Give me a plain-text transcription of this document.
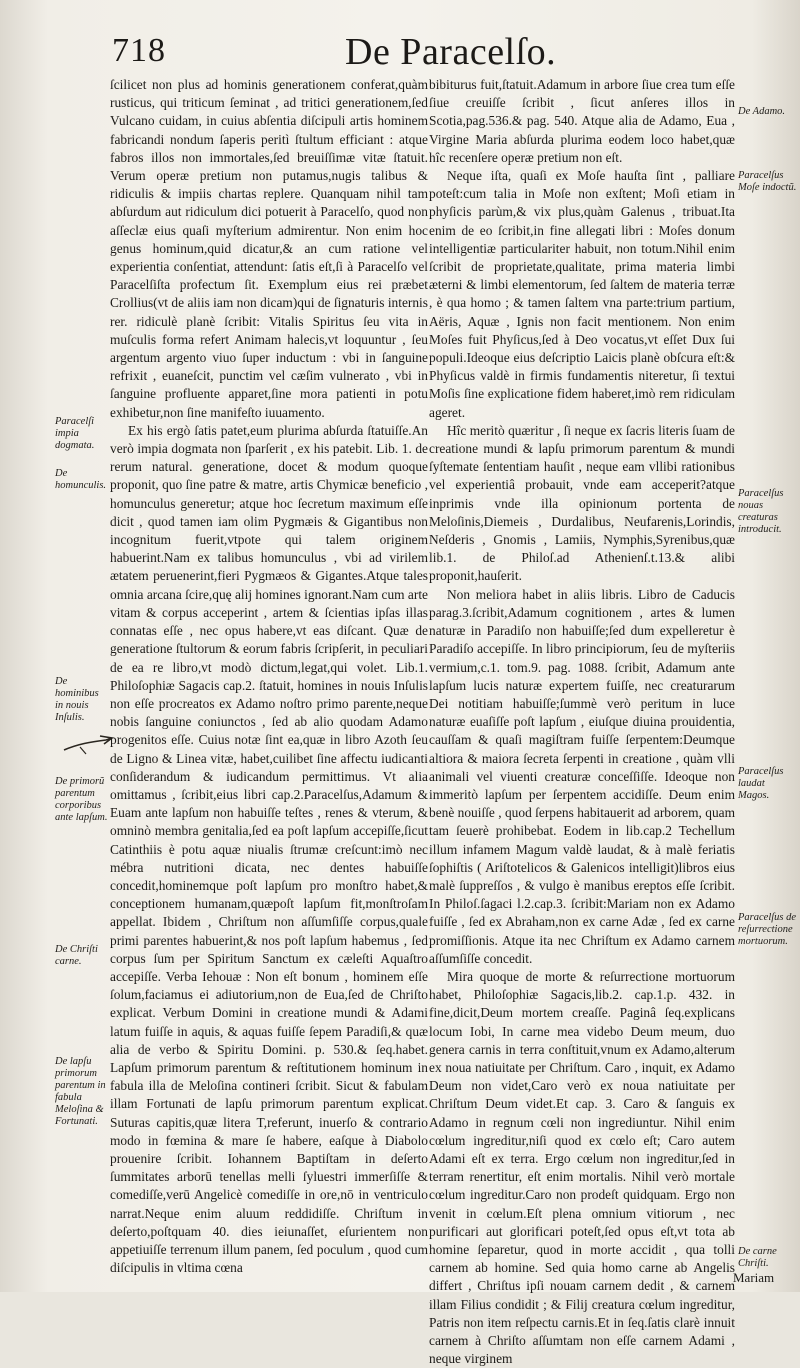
718	De Paracelſo.
Paracelſi impia dogmata.
De homunculis.
De hominibus in nouis Inſulis.
De primorũ parentum corporibus ante lapſum.
De Chriſti carne.
De lapſu primorum parentum in fabula Meloſina & Fortunati.
De Adamo.
Paracelſus Moſe indoctũ.
Paracelſus nouas creaturas introducit.
Paracelſus laudat Magos.
Paracelſus de reſurrectione mortuorum.
De carne Chriſti.

ſcilicet non plus ad hominis generationem conferat,quàm rusticus, qui triticum ſeminat , ad tritici generationem,ſed Vulcano cuidam, in cuius abſentia diſcipuli artis hominem fabricandi nondum ſaperis peritì ſtultum efficiant : atque fabros illos non immortales,ſed breuiſſimæ vitæ ſtatuit. Verum operæ pretium non putamus,nugis talibus & ridiculis & impiis chartas replere. Quanquam nihil tam abſurdum aut ridiculum dici potuerit à Paracelſo, quod non aſſeclæ eius quaſi myſterium admirentur. Non enim hoc genus hominum,quid dicatur,& an cum ratione vel experientia conſentiat, attendunt: ſatis eſt,ſi à Paracelſo vel Paracelſiſta profectum ſit. Exemplum eius rei præbet Crollius(vt de aliis iam non dicam)qui de ſignaturis internis rer. ridiculè planè ſcribit: Vitalis Spiritus ſeu vita in muſculis forma refert Animam halecis,vt loquuntur , ſeu argentum argento viuo ſuper inductum : vbi in ſanguine refrixit , euaneſcit, punctim vel cæſim vulnerato , vbi in ſanguine profluente apparet,ſine mora patienti in potu exhibetur,non ſine manifeſto iuuamento.

Ex his ergò ſatis patet,eum plurima abſurda ſtatuiſſe.An verò impia dogmata non ſparſerit , ex his patebit. Lib. 1. de rerum natural. generatione, docet & modum quoque proponit, quo ſine patre & matre, artis Chymicæ beneficio , homunculus generetur; atque hoc ſecretum maximum eſſe dicit , quod tamen iam olim Pygmæis & Gigantibus non incognitum fuerit,vtpote qui talem originem habuerint.Nam ex talibus homunculus , vbi ad virilem ætatem peruenerint,fieri Pygmæos & Gigantes.Atque tales omnia arcana ſcire,quę alij homines ignorant.Nam cum arte vitam & corpus acceperint , artem & ſcientias ipſas illas connatas eſſe , nec opus habere,vt eas diſcant. Quæ de generatione ſtultorum & eorum fabris ſcripſerit, in peculiari de ea re libro,vt modò dictum,legat,qui volet. Lib.1. Philoſophiæ Sagacis cap.2. ſtatuit, homines in nouis Inſulis non eſſe procreatos ex Adamo noſtro primo parente,neque nobis ſanguine coniunctos , ſed ab alio quodam Adamo progenitos eſſe. Cuius notæ ſint ea,quæ in libro Azoth ſeu de Ligno & Linea vitæ, habet,cuilibet ſine affectu iudicanti conſiderandum & iudicandum permittimus. Vt alia omittamus , ſcribit,eius libri cap.2.Paracelſus,Adamum & Euam ante lapſum non habuiſſe teſtes , renes & vterum, & omninò membra genitalia,ſed ea poſt lapſum accepiſſe,ſicut Catinthiis è potu aquæ niualis ſtrumæ creſcunt:imò nec mébra nutritioni dicata, nec dentes habuiſſe concedit,hominemque poſt lapſum pro monſtro habet,& conceptionem humanam,quæpoſt lapſum fit,monſtroſam appellat. Ibidem , Chriſtum non aſſumſiſſe corpus,quale primi parentes habuerint,& nos poſt lapſum habemus , ſed corpus ſum per Spiritum Sanctum ex cæleſti Aquaſtro accepiſſe. Verba Iehouæ : Non eſt bonum , hominem eſſe ſolum,faciamus ei adiutorium,non de Eua,ſed de Chriſto explicat. Verbum Domini in creatione mundi & Adami latum fuiſſe in aquis, & aquas fuiſſe ſepem Paradiſi,& quæ alia de verbo & Spiritu Domini. p. 530.& ſeq.habet. Lapſum primorum parentum & reſtitutionem hominum in fabula illa de Meloſina contineri ſcribit. Sicut & fabulam illam Fortunati de lapſu primorum parentum explicat. Suturas capitis,quæ litera T,referunt, inuerſo & contrario modo in fœmina & mare ſe habere, eaſque à Diabolo prouenire ſcribit. Iohannem Baptiſtam in deſerto ſummitates arborū tenellas melli ſyluestri immerſiſſe & comediſſe,verū Angelicè comediſſe in ore,nō in ventriculo narrat.Neque enim aluum reddidiſſe. Chriſtum in deſerto,poſtquam 40. dies ieiunaſſet, eſurientem non appetiuiſſe terrenum illum panem, ſed poculum , quod cum diſcipulis in vltima cœna

bibiturus fuit,ſtatuit.Adamum in arbore ſiue crea tum eſſe ſiue creuiſſe ſcribit , ſicut anſeres illos in Scotia,pag.536.& pag. 540. Atque alia de Adamo, Eua , Virgine Maria abſurda plurima eodem loco habet,quæ hîc recenſere operæ pretium non eſt.

Neque iſta, quaſi ex Moſe hauſta ſint , palliare poteſt:cum talia in Moſe non exſtent; Moſi etiam in phyſicis parùm,& vix plus,quàm Galenus , tribuat.Ita enim de eo ſcribit,in fine allegati libri : Moſes donum intelligentiæ particulariter habuit, non totum.Nihil enim ſcribit de proprietate,qualitate, prima materia limbi æterni & limbi elementorum, ſed ſaltem de materia terræ , è qua homo ; & tamen ſaltem vna parte:trium partium, Aëris, Aquæ , Ignis non facit mentionem. Non enim Moſes fuit Phyſicus,ſed à Deo vocatus,vt eſſet Dux ſui populi.Ideoque eius deſcriptio Laicis planè obſcura eſt:& Phyſicus valdè in firmis fundamentis niteretur, ſi textui Moſis ſine explicatione fidem haberet,imò rem ridiculam ageret.

Hîc meritò quæritur , ſi neque ex ſacris literis ſuam de creatione mundi & lapſu primorum parentum & mundi ſyſtemate ſententiam hauſit , neque eam vllibi rationibus vel experientiâ probauit, vnde eam acceperit?atque inprimis vnde illa opinionum portenta de Meloſinis,Diemeis , Durdalibus, Neufarenis,Lorindis, Neſderis , Gnomis , Lamiis, Nymphis,Syrenibus,quæ lib.1. de Philoſ.ad Athenienſ.t.13.& alibi proponit,hauſerit.

Non meliora habet in aliis libris. Libro de Caducis parag.3.ſcribit,Adamum cognitionem , artes & lumen naturæ in Paradiſo non habuiſſe;ſed dum expelleretur è Paradiſo accepiſſe. In libro principiorum, ſeu de myſteriis vermium,c.1. tom.9. pag. 1088. ſcribit, Adamum ante lapſum lucis naturæ expertem fuiſſe, nec creaturarum Dei notitiam habuiſſe;ſummè verò peritum in luce naturæ euaſiſſe poſt lapſum , eiuſque diuina prouidentia, cauſſam & quaſi magiſtram fuiſſe ſerpentem:Deumque altiora & maiora ſecreta ſerpenti in creatione , quàm vlli animali vel viuenti creaturæ conceſſiſſe. Ideoque non immeritò lapſum per ſerpentem accidiſſe. Deum enim benè nouiſſe , quod ſerpens habitauerit ad arborem, quam tam ſeuerè prohibebat. Eodem in lib.cap.2 Techellum illum infamem Magum valdè laudat, & à malè feriatis ſophiſtis ( Ariſtotelicos & Galenicos intelligit)libros eius malè ſuppreſſos , & vulgo è manibus ereptos eſſe ſcribit. In Philoſ.ſagaci l.2.cap.3. ſcribit:Mariam non ex Adamo fuiſſe , ſed ex Abraham,non ex carne Adæ , ſed ex carne promiſſionis. Atque ita nec Chriſtum ex Adamo carnem aſſumſiſſe concedit.

Mira quoque de morte & reſurrectione mortuorum habet, Philoſophiæ Sagacis,lib.2. cap.1.p. 432. in fine,dicit,Deum mortem creaſſe. Paginâ ſeq.explicans locum Iobi, In carne mea videbo Deum meum, duo genera carnis in terra conſtituit,vnum ex Adamo,alterum ex noua natiuitate per Chriſtum. Caro , inquit, ex Adamo Deum non videt,Caro verò ex noua natiuitate per Chriſtum Deum videt.Et cap. 3. Caro & ſanguis ex Adamo in regnum cœli non ingrediuntur. Nihil enim cœlum ingreditur,niſi quod ex cœlo eſt; Caro autem Adami eſt ex terra. Ergo cœlum non ingreditur,ſed in terram renertitur, eſt enim mortalis. Nihil verò mortale cœlum ingreditur.Caro non prodeſt quidquam. Ergo non venit in cœlum.Eſt plena omnium vitiorum , nec purificari aut glorificari poteſt,ſed opus eſt,vt tota ab homine ſeparetur, quod in morte accidit , qua tolli carnem ab homine. Sed quia homo carne ab Angelis differt , Chriſtus ipſi nouam carnem dedit , & carnem illam Filius condidit ; & Filij creatura cœlum ingreditur, Patris non item reſpectu carnis.Et in ſeq.ſatis clarè innuit carnem à Chriſto aſſumtam non eſſe carnem Adami , neque virginem

Mariam
